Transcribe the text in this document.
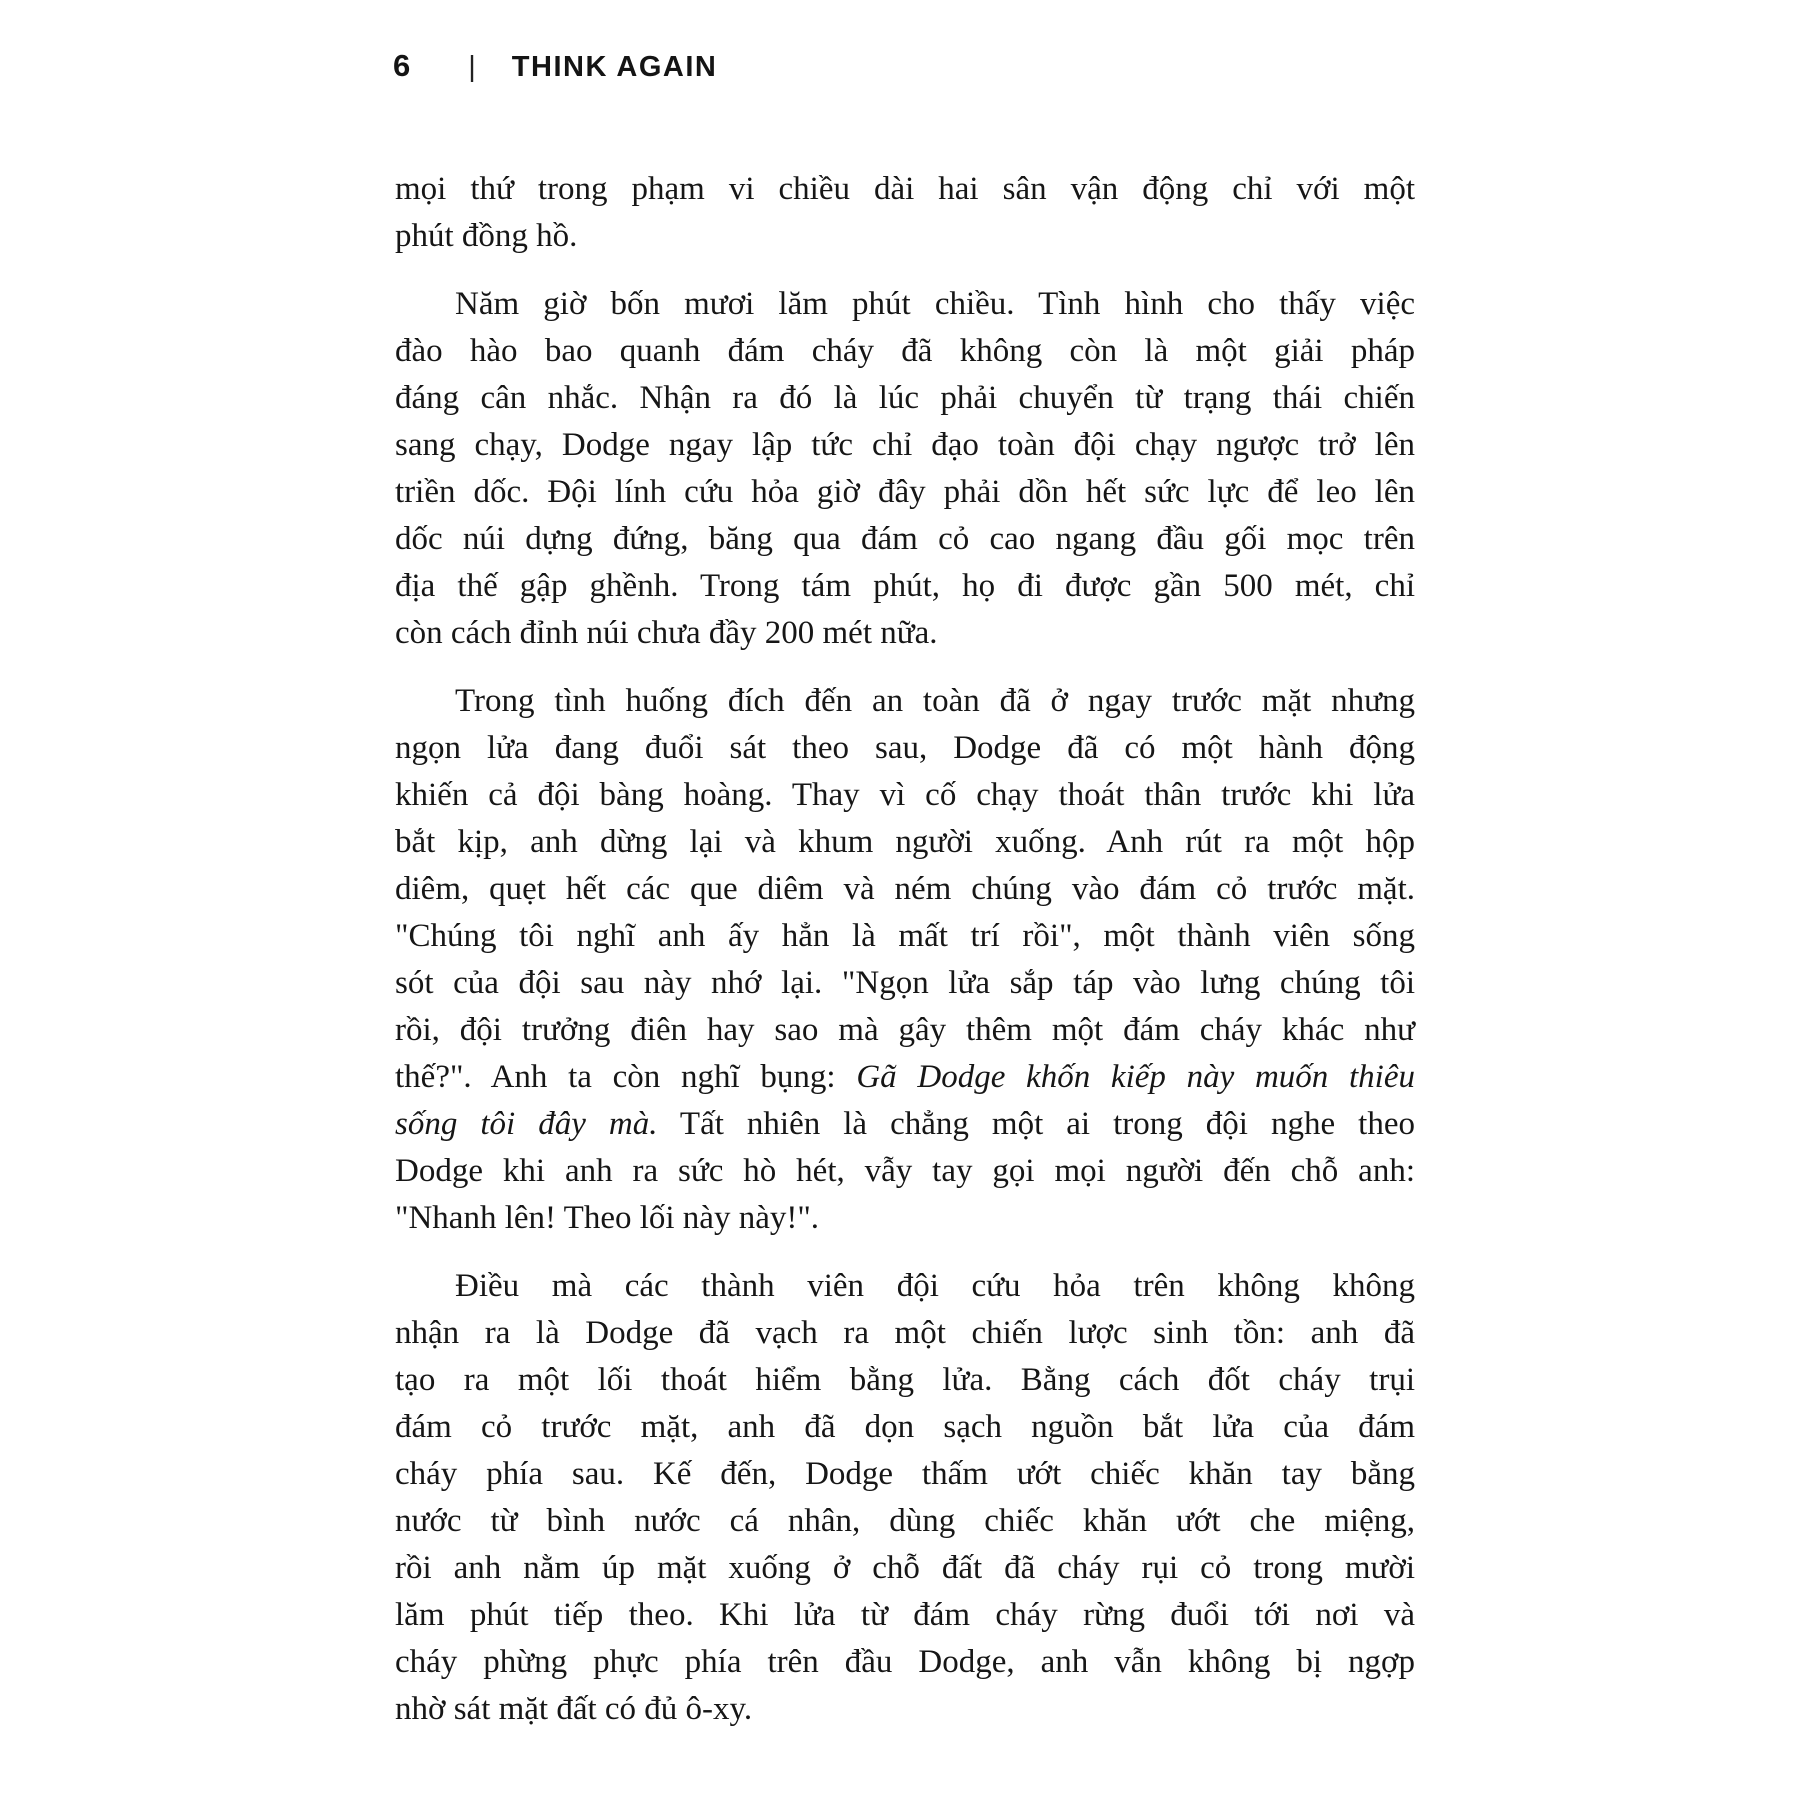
6 | THINK AGAIN
mọi thứ trong phạm vi chiều dài hai sân vận động chỉ với một
phút đồng hồ.
Năm giờ bốn mươi lăm phút chiều. Tình hình cho thấy việc
đào hào bao quanh đám cháy đã không còn là một giải pháp
đáng cân nhắc. Nhận ra đó là lúc phải chuyển từ trạng thái chiến
sang chạy, Dodge ngay lập tức chỉ đạo toàn đội chạy ngược trở lên
triền dốc. Đội lính cứu hỏa giờ đây phải dồn hết sức lực để leo lên
dốc núi dựng đứng, băng qua đám cỏ cao ngang đầu gối mọc trên
địa thế gập ghềnh. Trong tám phút, họ đi được gần 500 mét, chỉ
còn cách đỉnh núi chưa đầy 200 mét nữa.
Trong tình huống đích đến an toàn đã ở ngay trước mặt nhưng
ngọn lửa đang đuổi sát theo sau, Dodge đã có một hành động
khiến cả đội bàng hoàng. Thay vì cố chạy thoát thân trước khi lửa
bắt kịp, anh dừng lại và khum người xuống. Anh rút ra một hộp
diêm, quẹt hết các que diêm và ném chúng vào đám cỏ trước mặt.
"Chúng tôi nghĩ anh ấy hẳn là mất trí rồi", một thành viên sống
sót của đội sau này nhớ lại. "Ngọn lửa sắp táp vào lưng chúng tôi
rồi, đội trưởng điên hay sao mà gây thêm một đám cháy khác như
thế?". Anh ta còn nghĩ bụng: Gã Dodge khốn kiếp này muốn thiêu
sống tôi đây mà. Tất nhiên là chẳng một ai trong đội nghe theo
Dodge khi anh ra sức hò hét, vẫy tay gọi mọi người đến chỗ anh:
"Nhanh lên! Theo lối này này!".
Điều mà các thành viên đội cứu hỏa trên không không
nhận ra là Dodge đã vạch ra một chiến lược sinh tồn: anh đã
tạo ra một lối thoát hiểm bằng lửa. Bằng cách đốt cháy trụi
đám cỏ trước mặt, anh đã dọn sạch nguồn bắt lửa của đám
cháy phía sau. Kế đến, Dodge thấm ướt chiếc khăn tay bằng
nước từ bình nước cá nhân, dùng chiếc khăn ướt che miệng,
rồi anh nằm úp mặt xuống ở chỗ đất đã cháy rụi cỏ trong mười
lăm phút tiếp theo. Khi lửa từ đám cháy rừng đuổi tới nơi và
cháy phừng phực phía trên đầu Dodge, anh vẫn không bị ngợp
nhờ sát mặt đất có đủ ô-xy.
